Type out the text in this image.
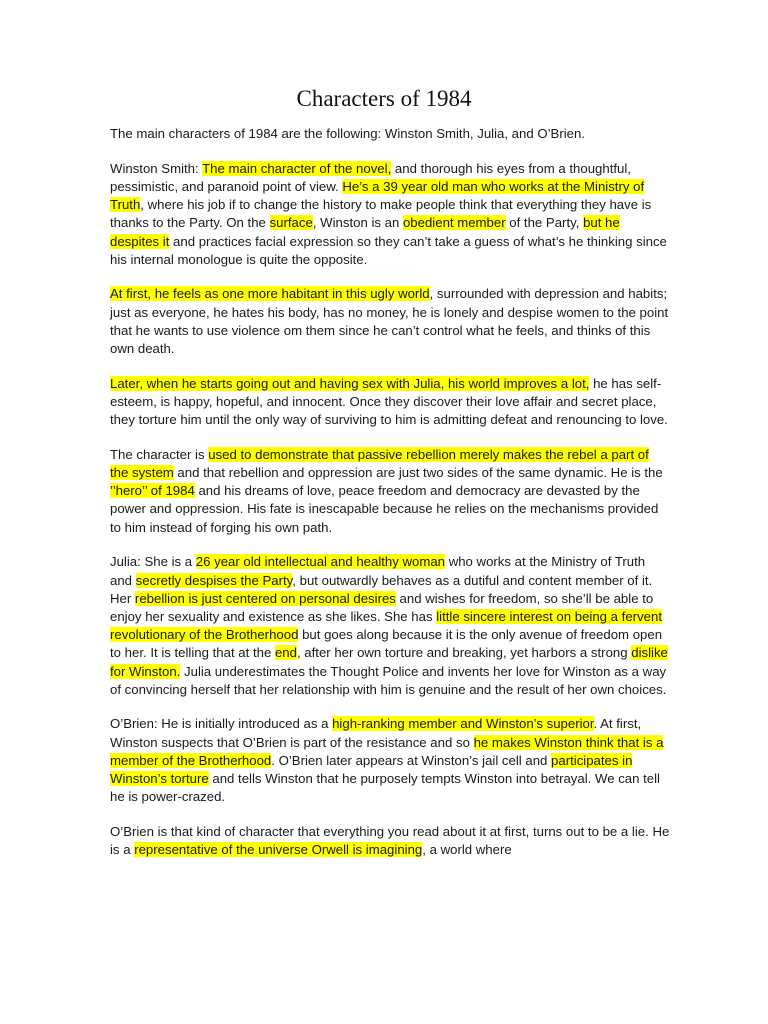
Characters of 1984

The main characters of 1984 are the following: Winston Smith, Julia, and O’Brien.

Winston Smith: The main character of the novel, and thorough his eyes from a thoughtful, pessimistic, and paranoid point of view. He’s a 39 year old man who works at the Ministry of Truth, where his job if to change the history to make people think that everything they have is thanks to the Party. On the surface, Winston is an obedient member of the Party, but he despites it and practices facial expression so they can’t take a guess of what’s he thinking since his internal monologue is quite the opposite.

At first, he feels as one more habitant in this ugly world, surrounded with depression and habits; just as everyone, he hates his body, has no money, he is lonely and despise women to the point that he wants to use violence om them since he can’t control what he feels, and thinks of this own death.

Later, when he starts going out and having sex with Julia, his world improves a lot, he has self-esteem, is happy, hopeful, and innocent. Once they discover their love affair and secret place, they torture him until the only way of surviving to him is admitting defeat and renouncing to love.

The character is used to demonstrate that passive rebellion merely makes the rebel a part of the system and that rebellion and oppression are just two sides of the same dynamic. He is the ’’hero’’ of 1984 and his dreams of love, peace freedom and democracy are devasted by the power and oppression. His fate is inescapable because he relies on the mechanisms provided to him instead of forging his own path.

Julia: She is a 26 year old intellectual and healthy woman who works at the Ministry of Truth and secretly despises the Party, but outwardly behaves as a dutiful and content member of it. Her rebellion is just centered on personal desires and wishes for freedom, so she’ll be able to enjoy her sexuality and existence as she likes. She has little sincere interest on being a fervent revolutionary of the Brotherhood but goes along because it is the only avenue of freedom open to her. It is telling that at the end, after her own torture and breaking, yet harbors a strong dislike for Winston. Julia underestimates the Thought Police and invents her love for Winston as a way of convincing herself that her relationship with him is genuine and the result of her own choices.

O’Brien: He is initially introduced as a high-ranking member and Winston’s superior. At first, Winston suspects that O’Brien is part of the resistance and so he makes Winston think that is a member of the Brotherhood. O’Brien later appears at Winston’s jail cell and participates in Winston’s torture and tells Winston that he purposely tempts Winston into betrayal. We can tell he is power-crazed.

O’Brien is that kind of character that everything you read about it at first, turns out to be a lie. He is a representative of the universe Orwell is imagining, a world where
